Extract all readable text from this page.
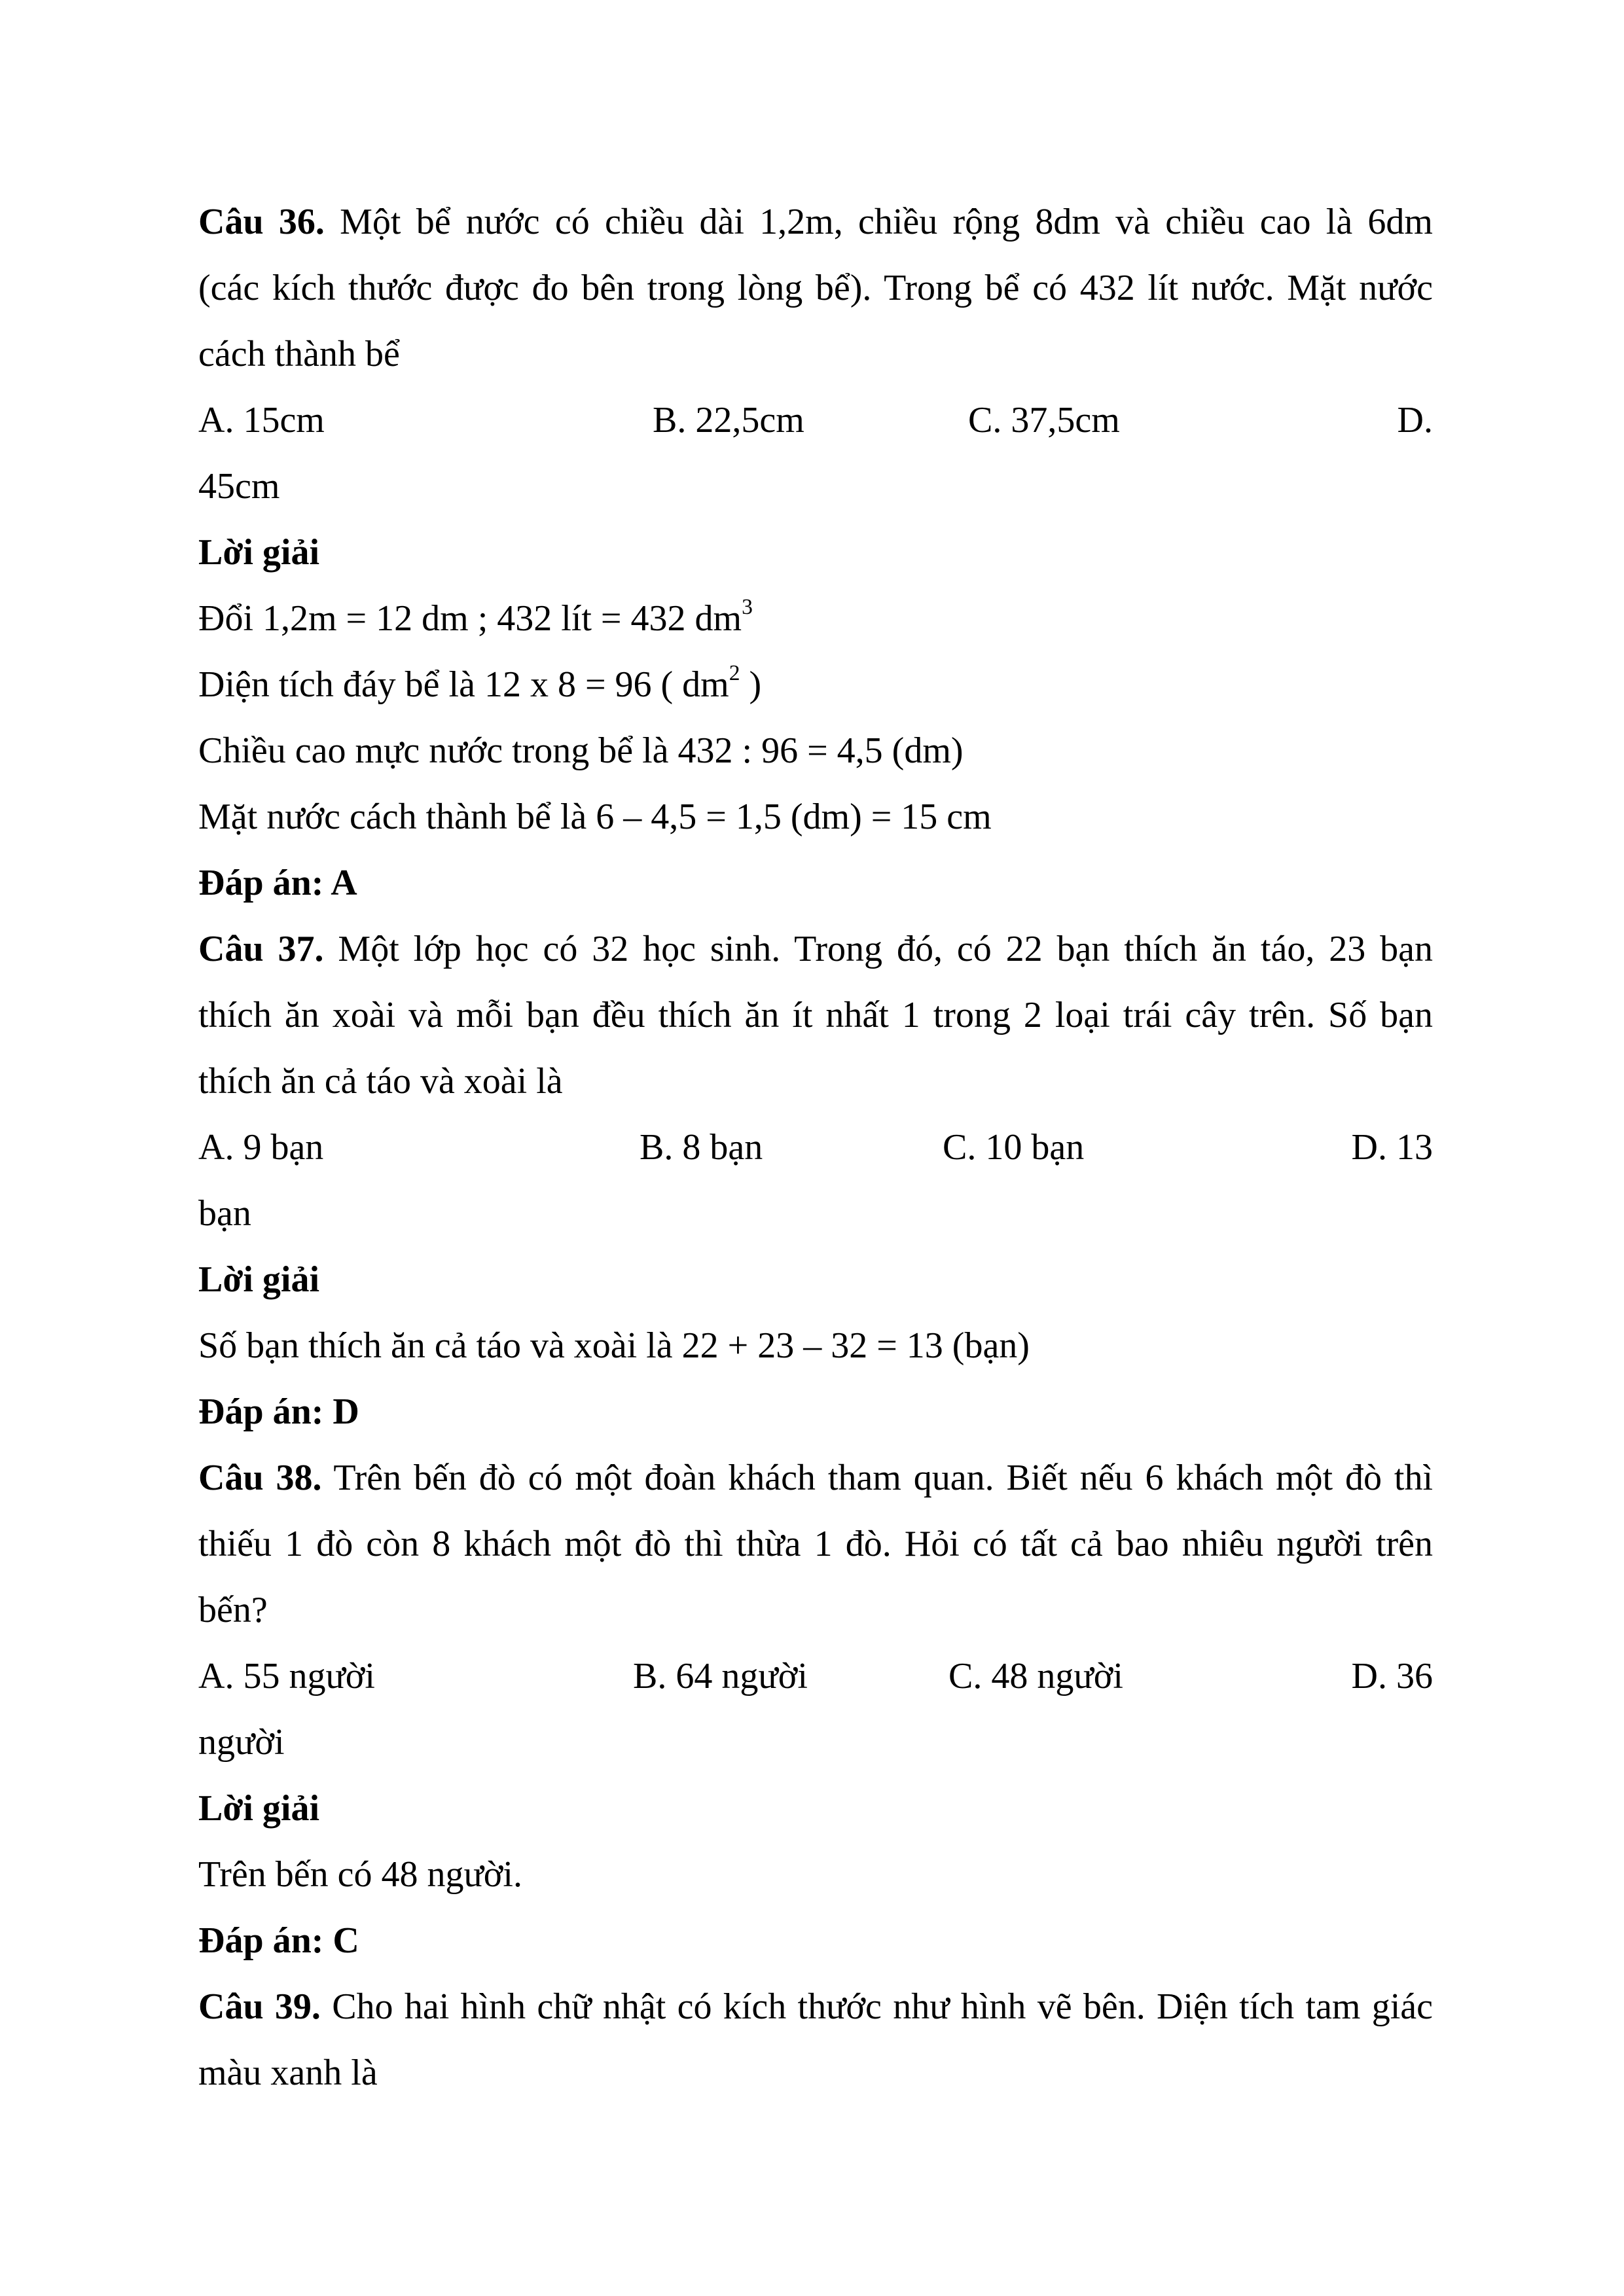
Câu 36. Một bể nước có chiều dài 1,2m, chiều rộng 8dm và chiều cao là 6dm
(các kích thước được đo bên trong lòng bể). Trong bể có 432 lít nước. Mặt nước
cách thành bể
A. 15cm	B. 22,5cm	C. 37,5cm	D.
45cm
Lời giải
Đổi 1,2m = 12 dm ; 432 lít = 432 $dm^3$
Diện tích đáy bể là 12 x 8 = 96 ( $dm^2$ )
Chiều cao mực nước trong bể là 432 : 96 = 4,5 (dm)
Mặt nước cách thành bể là 6 – 4,5 = 1,5 (dm) = 15 cm
Đáp án: A
Câu 37. Một lớp học có 32 học sinh. Trong đó, có 22 bạn thích ăn táo, 23 bạn
thích ăn xoài và mỗi bạn đều thích ăn ít nhất 1 trong 2 loại trái cây trên. Số bạn
thích ăn cả táo và xoài là
A. 9 bạn	B. 8 bạn	C. 10 bạn	D. 13
bạn
Lời giải
Số bạn thích ăn cả táo và xoài là 22 + 23 – 32 = 13 (bạn)
Đáp án: D
Câu 38. Trên bến đò có một đoàn khách tham quan. Biết nếu 6 khách một đò thì
thiếu 1 đò còn 8 khách một đò thì thừa 1 đò. Hỏi có tất cả bao nhiêu người trên
bến?
A. 55 người	B. 64 người	C. 48 người	D. 36
người
Lời giải
Trên bến có 48 người.
Đáp án: C
Câu 39. Cho hai hình chữ nhật có kích thước như hình vẽ bên. Diện tích tam giác
màu xanh là
